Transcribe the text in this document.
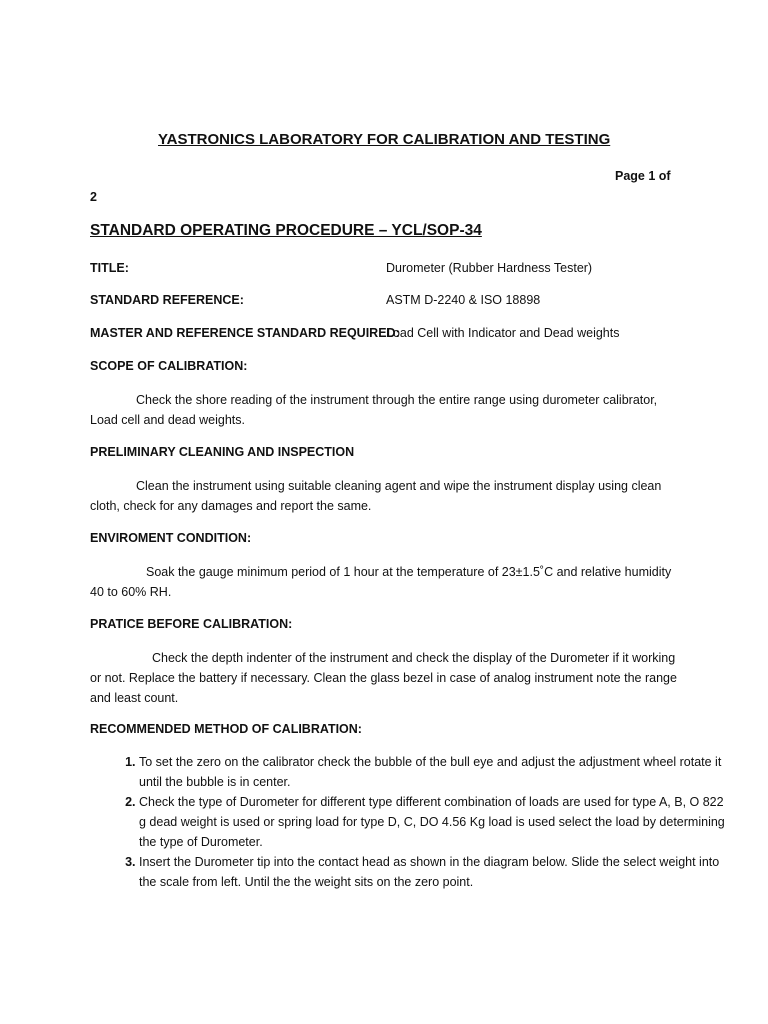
YASTRONICS LABORATORY FOR CALIBRATION AND TESTING
Page 1 of
2
STANDARD OPERATING PROCEDURE – YCL/SOP-34
TITLE:	Durometer (Rubber Hardness Tester)
STANDARD REFERENCE:	ASTM D-2240 & ISO 18898
MASTER AND REFERENCE STANDARD REQUIRED:
Load Cell with Indicator and Dead weights
SCOPE OF CALIBRATION:
Check the shore reading of the instrument through the entire range using durometer calibrator, Load cell and dead weights.
PRELIMINARY CLEANING AND INSPECTION
Clean the instrument using suitable cleaning agent and wipe the instrument display using clean cloth, check for any damages and report the same.
ENVIROMENT CONDITION:
Soak the gauge minimum period of 1 hour at the temperature of 23±1.5˚C and relative humidity 40 to 60% RH.
PRATICE BEFORE CALIBRATION:
Check the depth indenter of the instrument and check the display of the Durometer if it working or not. Replace the battery if necessary. Clean the glass bezel in case of analog instrument note the range and least count.
RECOMMENDED METHOD OF CALIBRATION:
1. To set the zero on the calibrator check the bubble of the bull eye and adjust the adjustment wheel rotate it until the bubble is in center.
2. Check the type of Durometer for different type different combination of loads are used for type A, B, O 822 g dead weight is used or spring load for type D, C, DO 4.56 Kg load is used select the load by determining the type of Durometer.
3. Insert the Durometer tip into the contact head as shown in the diagram below. Slide the select weight into the scale from left. Until the the weight sits on the zero point.
